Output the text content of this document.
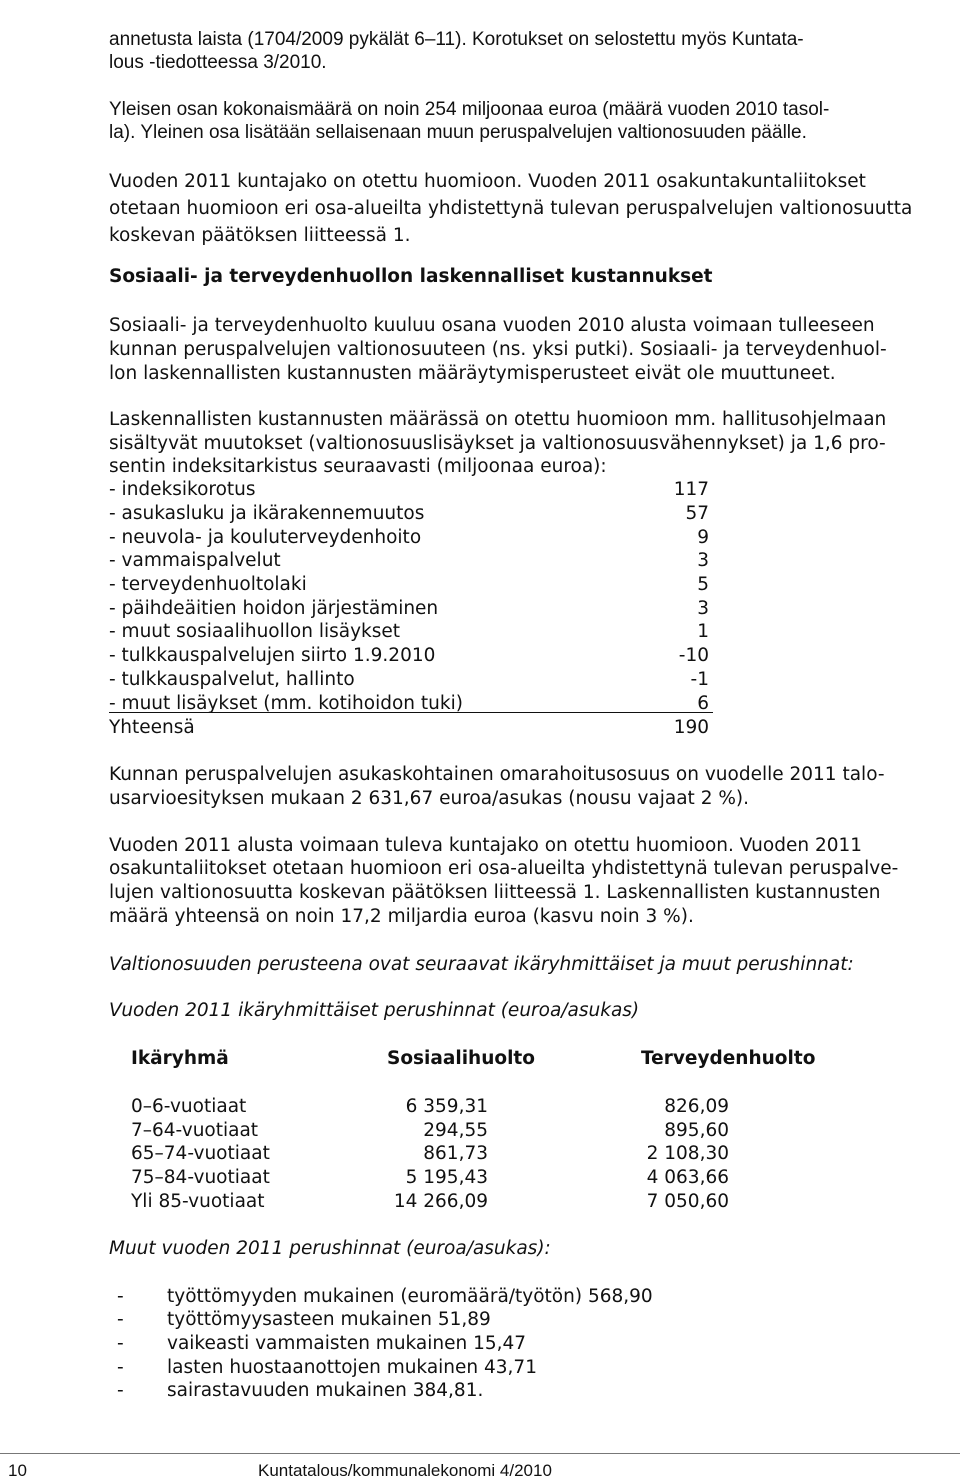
annetusta laista (1704/2009 pykälät 6–11). Korotukset on selostettu myös Kuntata-
lous -tiedotteessa 3/2010.
Yleisen osan kokonaismäärä on noin 254 miljoonaa euroa (määrä vuoden 2010 tasol-
la). Yleinen osa lisätään sellaisenaan muun peruspalvelujen valtionosuuden päälle.
Vuoden 2011 kuntajako on otettu huomioon. Vuoden 2011 osakuntakuntaliitokset
otetaan huomioon eri osa-alueilta yhdistettynä tulevan peruspalvelujen valtionosuutta
koskevan päätöksen liitteessä 1.
Sosiaali- ja terveydenhuollon laskennalliset kustannukset
Sosiaali- ja terveydenhuolto kuuluu osana vuoden 2010 alusta voimaan tulleeseen
kunnan peruspalvelujen valtionosuuteen (ns. yksi putki). Sosiaali- ja terveydenhuol-
lon laskennallisten kustannusten määräytymisperusteet eivät ole muuttuneet.
Laskennallisten kustannusten määrässä on otettu huomioon mm. hallitusohjelmaan
sisältyvät muutokset (valtionosuuslisäykset ja valtionosuusvähennykset) ja 1,6 pro-
sentin indeksitarkistus seuraavasti (miljoonaa euroa):
- indeksikorotus	117
- asukasluku ja ikärakennemuutos	57
- neuvola- ja kouluterveydenhoito	9
- vammaispalvelut	3
- terveydenhuoltolaki	5
- päihdeäitien hoidon järjestäminen	3
- muut sosiaalihuollon lisäykset	1
- tulkkauspalvelujen siirto 1.9.2010	-10
- tulkkauspalvelut, hallinto	-1
- muut lisäykset (mm. kotihoidon tuki)	6
Yhteensä	190
Kunnan peruspalvelujen asukaskohtainen omarahoitusosuus on vuodelle 2011 talo-
usarvioesityksen mukaan 2 631,67 euroa/asukas (nousu vajaat 2 %).
Vuoden 2011 alusta voimaan tuleva kuntajako on otettu huomioon. Vuoden 2011
osakuntaliitokset otetaan huomioon eri osa-alueilta yhdistettynä tulevan peruspalve-
lujen valtionosuutta koskevan päätöksen liitteessä 1. Laskennallisten kustannusten
määrä yhteensä on noin 17,2 miljardia euroa (kasvu noin 3 %).
Valtionosuuden perusteena ovat seuraavat ikäryhmittäiset ja muut perushinnat:
Vuoden 2011 ikäryhmittäiset perushinnat (euroa/asukas)
Ikäryhmä	Sosiaalihuolto	Terveydenhuolto
0–6-vuotiaat	6 359,31	826,09
7–64-vuotiaat	294,55	895,60
65–74-vuotiaat	861,73	2 108,30
75–84-vuotiaat	5 195,43	4 063,66
Yli 85-vuotiaat	14 266,09	7 050,60
Muut vuoden 2011 perushinnat (euroa/asukas):
- työttömyyden mukainen (euromäärä/työtön) 568,90
- työttömyysasteen mukainen 51,89
- vaikeasti vammaisten mukainen 15,47
- lasten huostaanottojen mukainen 43,71
- sairastavuuden mukainen 384,81.
10	Kuntatalous/kommunalekonomi 4/2010
